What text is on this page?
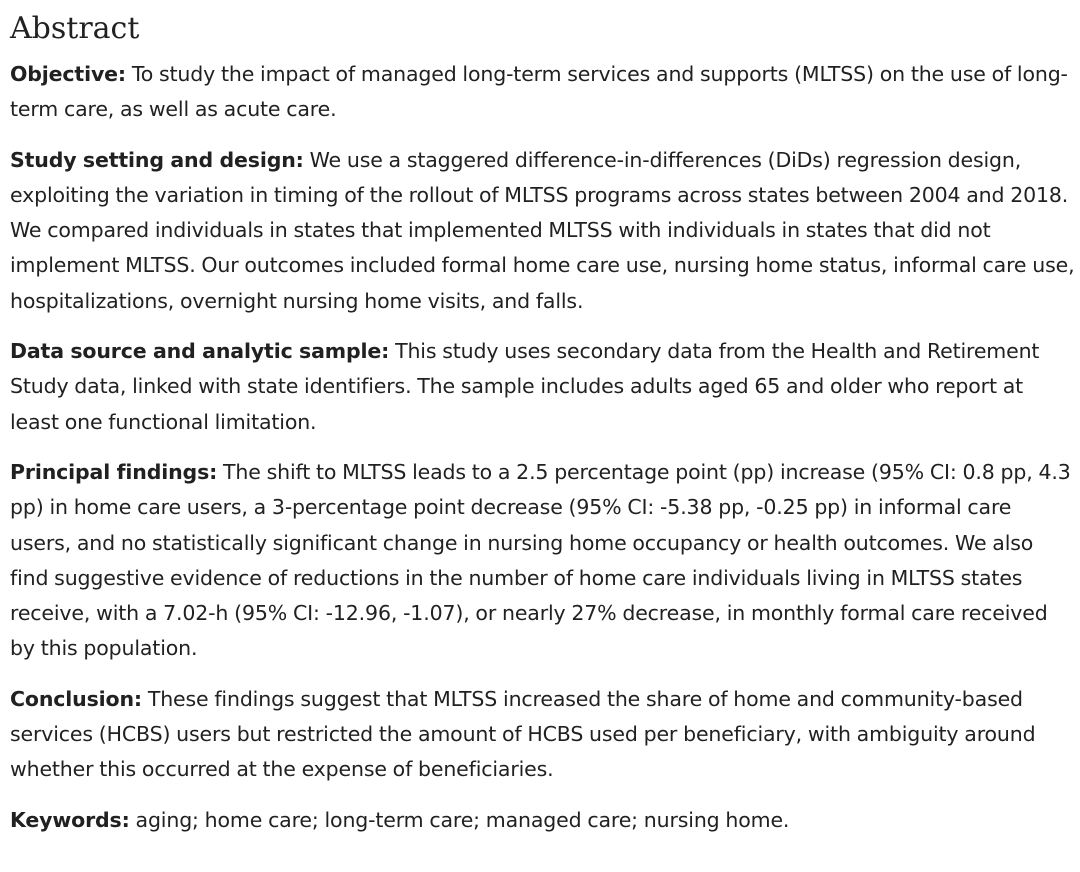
Abstract

Objective: To study the impact of managed long-term services and supports (MLTSS) on the use of long-term care, as well as acute care.

Study setting and design: We use a staggered difference-in-differences (DiDs) regression design, exploiting the variation in timing of the rollout of MLTSS programs across states between 2004 and 2018. We compared individuals in states that implemented MLTSS with individuals in states that did not implement MLTSS. Our outcomes included formal home care use, nursing home status, informal care use, hospitalizations, overnight nursing home visits, and falls.

Data source and analytic sample: This study uses secondary data from the Health and Retirement Study data, linked with state identifiers. The sample includes adults aged 65 and older who report at least one functional limitation.

Principal findings: The shift to MLTSS leads to a 2.5 percentage point (pp) increase (95% CI: 0.8 pp, 4.3 pp) in home care users, a 3-percentage point decrease (95% CI: -5.38 pp, -0.25 pp) in informal care users, and no statistically significant change in nursing home occupancy or health outcomes. We also find suggestive evidence of reductions in the number of home care individuals living in MLTSS states receive, with a 7.02-h (95% CI: -12.96, -1.07), or nearly 27% decrease, in monthly formal care received by this population.

Conclusion: These findings suggest that MLTSS increased the share of home and community-based services (HCBS) users but restricted the amount of HCBS used per beneficiary, with ambiguity around whether this occurred at the expense of beneficiaries.

Keywords: aging; home care; long-term care; managed care; nursing home.
